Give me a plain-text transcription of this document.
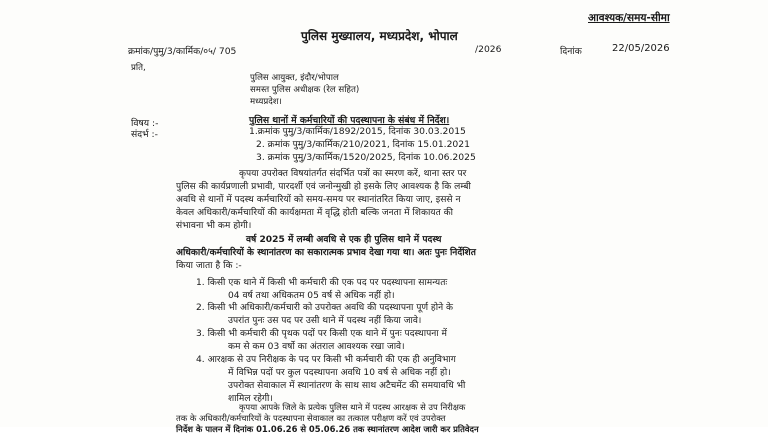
आवश्यक/समय-सीमा
पुलिस मुख्यालय, मध्यप्रदेश, भोपाल
क्रमांक/पुमु/3/कार्मिक/०५/ 705	/2026	दिनांक	22/05/2026
प्रति,
पुलिस आयुक्त, इंदौर/भोपाल
समस्त पुलिस अधीक्षक (रेल सहित)
मध्यप्रदेश।
विषय :-	पुलिस थानों में कर्मचारियों की पदस्थापना के संबंध में निर्देश।
संदर्भ :-	1.क्रमांक पुमु/3/कार्मिक/1892/2015, दिनांक 30.03.2015
2. क्रमांक पुमु/3/कार्मिक/210/2021, दिनांक 15.01.2021
3. क्रमांक पुमु/3/कार्मिक/1520/2025, दिनांक 10.06.2025
कृपया उपरोक्त विषयांतर्गत संदर्भित पत्रों का स्मरण करें, थाना स्तर पर
पुलिस की कार्यप्रणाली प्रभावी, पारदर्शी एवं जनोन्मुखी हो इसके लिए आवश्यक है कि लम्बी
अवधि से थानों में पदस्थ कर्मचारियों को समय-समय पर स्थानांतरित किया जाए, इससे न
केवल अधिकारी/कर्मचारियों की कार्यक्षमता में वृद्धि होती बल्कि जनता में शिकायत की
संभावना भी कम होगी।
वर्ष 2025 में लम्बी अवधि से एक ही पुलिस थाने में पदस्थ
अधिकारी/कर्मचारियों के स्थानांतरण का सकारात्मक प्रभाव देखा गया था। अतः पुनः निर्देशित
किया जाता है कि :-
1. किसी एक थाने में किसी भी कर्मचारी की एक पद पर पदस्थापना सामन्यतः
04 वर्ष तथा अधिकतम 05 वर्ष से अधिक नहीं हो।
2. किसी भी अधिकारी/कर्मचारी को उपरोक्त अवधि की पदस्थापना पूर्ण होने के
उपरांत पुनः उस पद पर उसी थाने में पदस्थ नहीं किया जावे।
3. किसी भी कर्मचारी की पृथक पदों पर किसी एक थाने में पुनः पदस्थापना में
कम से कम 03 वर्षो का अंतराल आवश्यक रखा जावे।
4. आरक्षक से उप निरीक्षक के पद पर किसी भी कर्मचारी की एक ही अनुविभाग
में विभिन्न पदों पर कुल पदस्थापना अवधि 10 वर्ष से अधिक नहीं हो।
उपरोक्त सेवाकाल में स्थानांतरण के साथ साथ अटैचमेंट की समयावधि भी
शामिल रहेगी।
कृपया आपके जिले के प्रत्येक पुलिस थाने में पदस्थ आरक्षक से उप निरीक्षक
तक के अधिकारी/कर्मचारियों के पदस्थापना सेवाकाल का तत्काल परीक्षण करें एवं उपरोक्त
निर्देश के पालन में दिनांक 01.06.26 से 05.06.26 तक स्थानांतरण आदेश जारी कर प्रतिवेदन
